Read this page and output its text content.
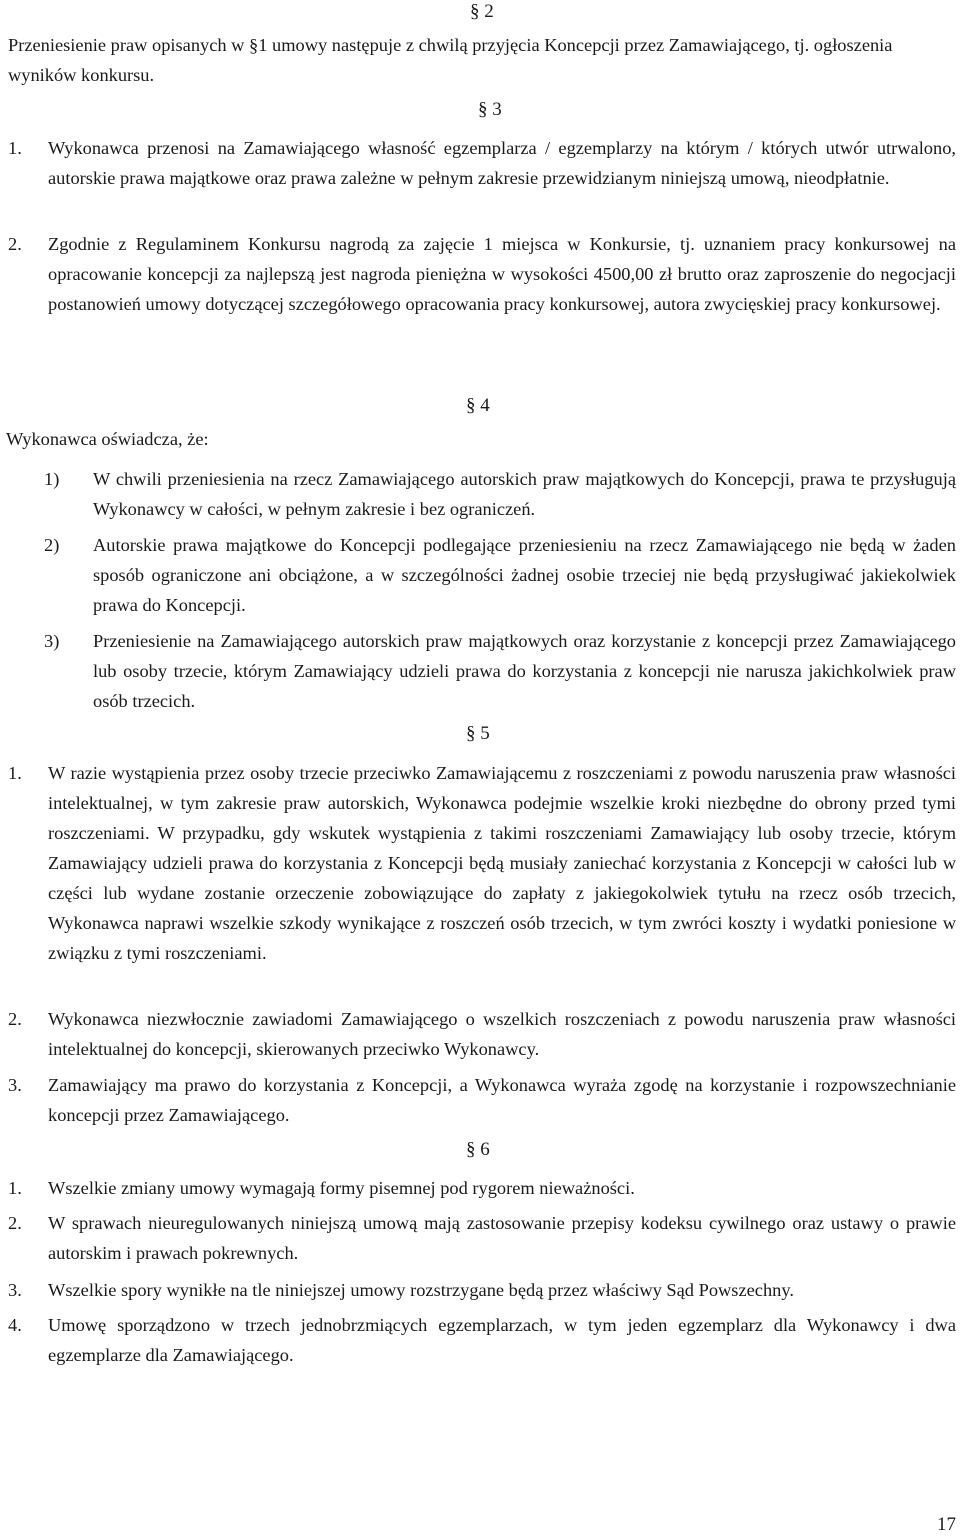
§ 2
Przeniesienie praw opisanych w §1 umowy następuje z chwilą przyjęcia Koncepcji przez Zamawiającego, tj. ogłoszenia wyników konkursu.
§ 3
1.	Wykonawca przenosi na Zamawiającego własność egzemplarza / egzemplarzy na którym / których utwór utrwalono, autorskie prawa majątkowe oraz prawa zależne w pełnym zakresie przewidzianym niniejszą umową, nieodpłatnie.
2.	Zgodnie z Regulaminem Konkursu nagrodą za zajęcie 1 miejsca w Konkursie, tj. uznaniem pracy konkursowej na opracowanie koncepcji za najlepszą jest nagroda pieniężna w wysokości 4500,00 zł brutto oraz zaproszenie do negocjacji postanowień umowy dotyczącej szczegółowego opracowania pracy konkursowej, autora zwycięskiej pracy konkursowej.
§ 4
Wykonawca oświadcza, że:
1)	W chwili przeniesienia na rzecz Zamawiającego autorskich praw majątkowych do Koncepcji, prawa te przysługują Wykonawcy w całości, w pełnym zakresie i bez ograniczeń.
2)	Autorskie prawa majątkowe do Koncepcji podlegające przeniesieniu na rzecz Zamawiającego nie będą w żaden sposób ograniczone ani obciążone, a w szczególności żadnej osobie trzeciej nie będą przysługiwać jakiekolwiek prawa do Koncepcji.
3)	Przeniesienie na Zamawiającego autorskich praw majątkowych oraz korzystanie z koncepcji przez Zamawiającego lub osoby trzecie, którym Zamawiający udzieli prawa do korzystania z koncepcji nie narusza jakichkolwiek praw osób trzecich.
§ 5
1.	W razie wystąpienia przez osoby trzecie przeciwko Zamawiającemu z roszczeniami z powodu naruszenia praw własności intelektualnej, w tym zakresie praw autorskich, Wykonawca podejmie wszelkie kroki niezbędne do obrony przed tymi roszczeniami. W przypadku, gdy wskutek wystąpienia z takimi roszczeniami Zamawiający lub osoby trzecie, którym Zamawiający udzieli prawa do korzystania z Koncepcji będą musiały zaniechać korzystania z Koncepcji w całości lub w części lub wydane zostanie orzeczenie zobowiązujące do zapłaty z jakiegokolwiek tytułu na rzecz osób trzecich, Wykonawca naprawi wszelkie szkody wynikające z roszczeń osób trzecich, w tym zwróci koszty i wydatki poniesione w związku z tymi roszczeniami.
2.	Wykonawca niezwłocznie zawiadomi Zamawiającego o wszelkich roszczeniach z powodu naruszenia praw własności intelektualnej do koncepcji, skierowanych przeciwko Wykonawcy.
3.	Zamawiający ma prawo do korzystania z Koncepcji, a Wykonawca wyraża zgodę na korzystanie i rozpowszechnianie koncepcji przez Zamawiającego.
§ 6
1.	Wszelkie zmiany umowy wymagają formy pisemnej pod rygorem nieważności.
2.	W sprawach nieuregulowanych niniejszą umową mają zastosowanie przepisy kodeksu cywilnego oraz ustawy o prawie autorskim i prawach pokrewnych.
3.	Wszelkie spory wynikłe na tle niniejszej umowy rozstrzygane będą przez właściwy Sąd Powszechny.
4.	Umowę sporządzono w trzech jednobrzmiących egzemplarzach, w tym jeden egzemplarz dla Wykonawcy i dwa egzemplarze dla Zamawiającego.
17
